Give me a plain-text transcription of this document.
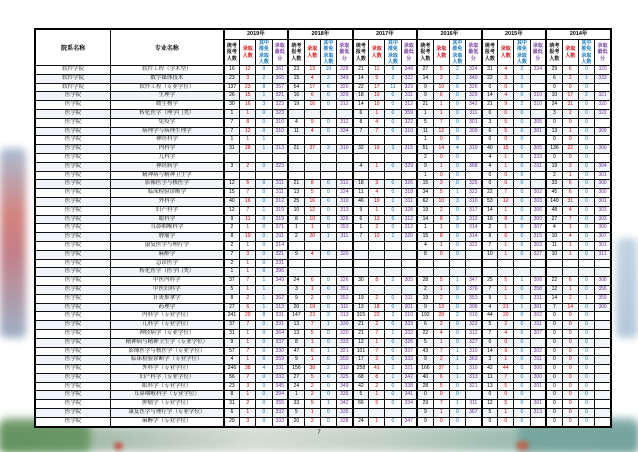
院系名称	专业名称	2019年				2018年				2017年				2016年				2015年				2014年			
		统考报考人数	录取人数	其中推免录取人数	录取最低分	统考报考人数	录取人数	其中推免录取人数	录取最低分	统考报考人数	录取人数	其中推免录取人数	录取最低分	统考报考人数	录取人数	其中推免录取人数	录取最低分	统考报考人数	录取人数	其中推免录取人数	录取最低分	统考报考人数	录取人数	其中推免录取人数	录取最低分
软件学院	软件工程（学术型）	16	12	9	361	23	13	10	328	21	11	9	348	27	5	2	324	31	4	2	334	29	6	0	320
软件学院	数字媒体技术	23	3	2	366	15	4	2	349	14	5	3	322	14	3	2	340	22	3	3		6	2	1	333
软件学院	软件工程（专业学位）	137	23	8	357	54	17	6	320	22	17	11	329	9	10	6	326	0	0	0		0	0	0	
医学院	生理学	26	15	1	321	16	6	0	329	18	10	0	311	9	6	0	329	14	4	0	310	10	17	2	321
医学院	微生物学	30	16	3	323	19	16	0	312	14	10	0	312	21	1	0	342	21	9	2	310	24	31	0	320
医学院	转化医学（理学门类）	1	1	0	323					6	1	0	359	1	1	0	311	0	0	0		3	2	0	322
医学院	免疫学	7	8	0	310	4	9	0	312	8	4	0	322	5	7	0	301	3	5	0	305	0	0	0	
医学院	病理学与病理生理学	7	12	0	310	11	4	0	334	7	7	0	310	11	12	0	300	6	5	0	301	13	1	0	309
医学院	神经科学	1	1	1										1	0	0		0	0	0		0	0	0	
医学院	内科学	31	28	1	313	21	37	3	310	32	19	3	315	51	14	4	310	40	15	0	305	136	22	0	300
医学院	儿科学													2	0	0		4	1	0	333	0	0	0	
医学院	神经病学	3	2	0	323					4	1	0	329	9	1	0	368	4	1	0	311	19	3	0	304
医学院	精神病与精神卫生学													1	0	0		0	0	0		2	1	0	301
医学院	影像医学与核医学	12	5	0	311	21	8	0	312	18	3	0	326	15	3	0	325	0	0	0		33	6	0	300
医学院	临床检验诊断学	15	7	0	311	13	5	0	324	11	4	0	318	34	5	1	323	22	7	0	302	45	6	0	300
医学院	外科学	40	16	0	312	25	16	0	310	46	10	1	311	62	10	3	310	53	12	0	303	140	31	0	301
医学院	妇产科学	12	7	1	319	10	12	0	313	9	1	0	328	19	2	0	317	14	1	0	306	48	4	0	303
医学院	眼科学	9	11	0	319	8	10	0	326	6	13	5	312	14	8	3	312	16	8	0	300	27	7	0	303
医学院	耳鼻咽喉科学	2	1	0	371	1	1	0	353	1	2	0	312	1	1	0	314	2	1	0	307	4	1	0	300
医学院	肿瘤学	8	19	0	311	2	20	1	311	7	10	1	320	15	8	0	314	9	6	0	315	10	4	0	307
医学院	康复医学与理疗学	2	1	0	314									4	1	0	322	7	1	0	303	11	1	0	301
医学院	麻醉学	7	3	0	321	9	4	0	320					8	0	0		10	1	0	327	10	1	0	311
医学院	急诊医学	2	1	0	331																				
医学院	转化医学（医学门类）	1	1	0	396																				
医学院	中医内科学	37	7	1	349	24	6	0	326	30	8	2	305	28	5	1	347	25	5	1	306	22	6	0	308
医学院	中医妇科学	5	1	1		3	1	0	351					2	1	0	376	7	1	0	358	12	1	0	356
医学院	针灸推拿学	8	2	1	362	9	2	0	352	19	2	0	311	19	2	0	353	9	1	0	331	14	2	1	359
医学院	药理学	27	6	1	313	20	19	0	311	13	18	0	301	9	13	0	306	4	21	1	301	7	14	0	300
医学院	内科学（专业学位）	241	29	8	331	147	23	2	313	315	22	2	310	192	28	2	310	44	20	0	302	0	0	0	
医学院	儿科学（专业学位）	37	7	0	331	13	7	1	330	21	2	0	333	6	2	0	323	5	2	0	311	0	0	0	
医学院	神经病学（专业学位）	31	1	0	364	13	5	0	320	21	7	1	332	22	4	0	312	7	4	0	307	0	0	0	
医学院	精神病与精神卫生学（专业学位）	9	1	0	337	8	1	0	333	12	1	0	326	5	1	0	327	0	0	0		0	0	0	
医学院	影像医学与核医学（专业学位）	57	7	0	330	47	6	1	321	101	7	0	337	43	7	1	310	14	9	0	302	0	0	0	
医学院	临床检验诊断学（专业学位）	4	1	0	359	9	1	0	350	17	2	0	333	9	2	1	363	3	1	0	311	0	0	0	
医学院	外科学（专业学位）	246	38	4	331	156	38	2	310	258	41	2	321	166	37	1	310	42	44	0	300	0	0	0	
医学院	妇产科学（专业学位）	56	7	0	332	27	5	0	325	68	8	1	342	40	6	1	313	11	7	0	300	0	0	0	
医学院	眼科学（专业学位）	23	3	0	345	24	2	0	349	42	2	0	338	28	5	0	321	13	5	0	301	0	0	0	
医学院	耳鼻咽喉科学（专业学位）	8	1	0	394	1	2	0	335	5	1	0	341	0	0	0		0	0	0		0	0	0	
医学院	肿瘤学（专业学位）	31	2	0	355	33	5	1	342	66	5	0	334	29	7	1	311	12	5	0	301	0	0	0	
医学院	康复医学与理疗学（专业学位）	6	1	0	332	5	1	0	335					9	1	0	367	5	1	0	313	0	0	0	
医学院	麻醉学（专业学位）	29	3	0	333	20	2	0	328	24	1	0	347	9	0	0		0	0	0		0	0	0	
7
